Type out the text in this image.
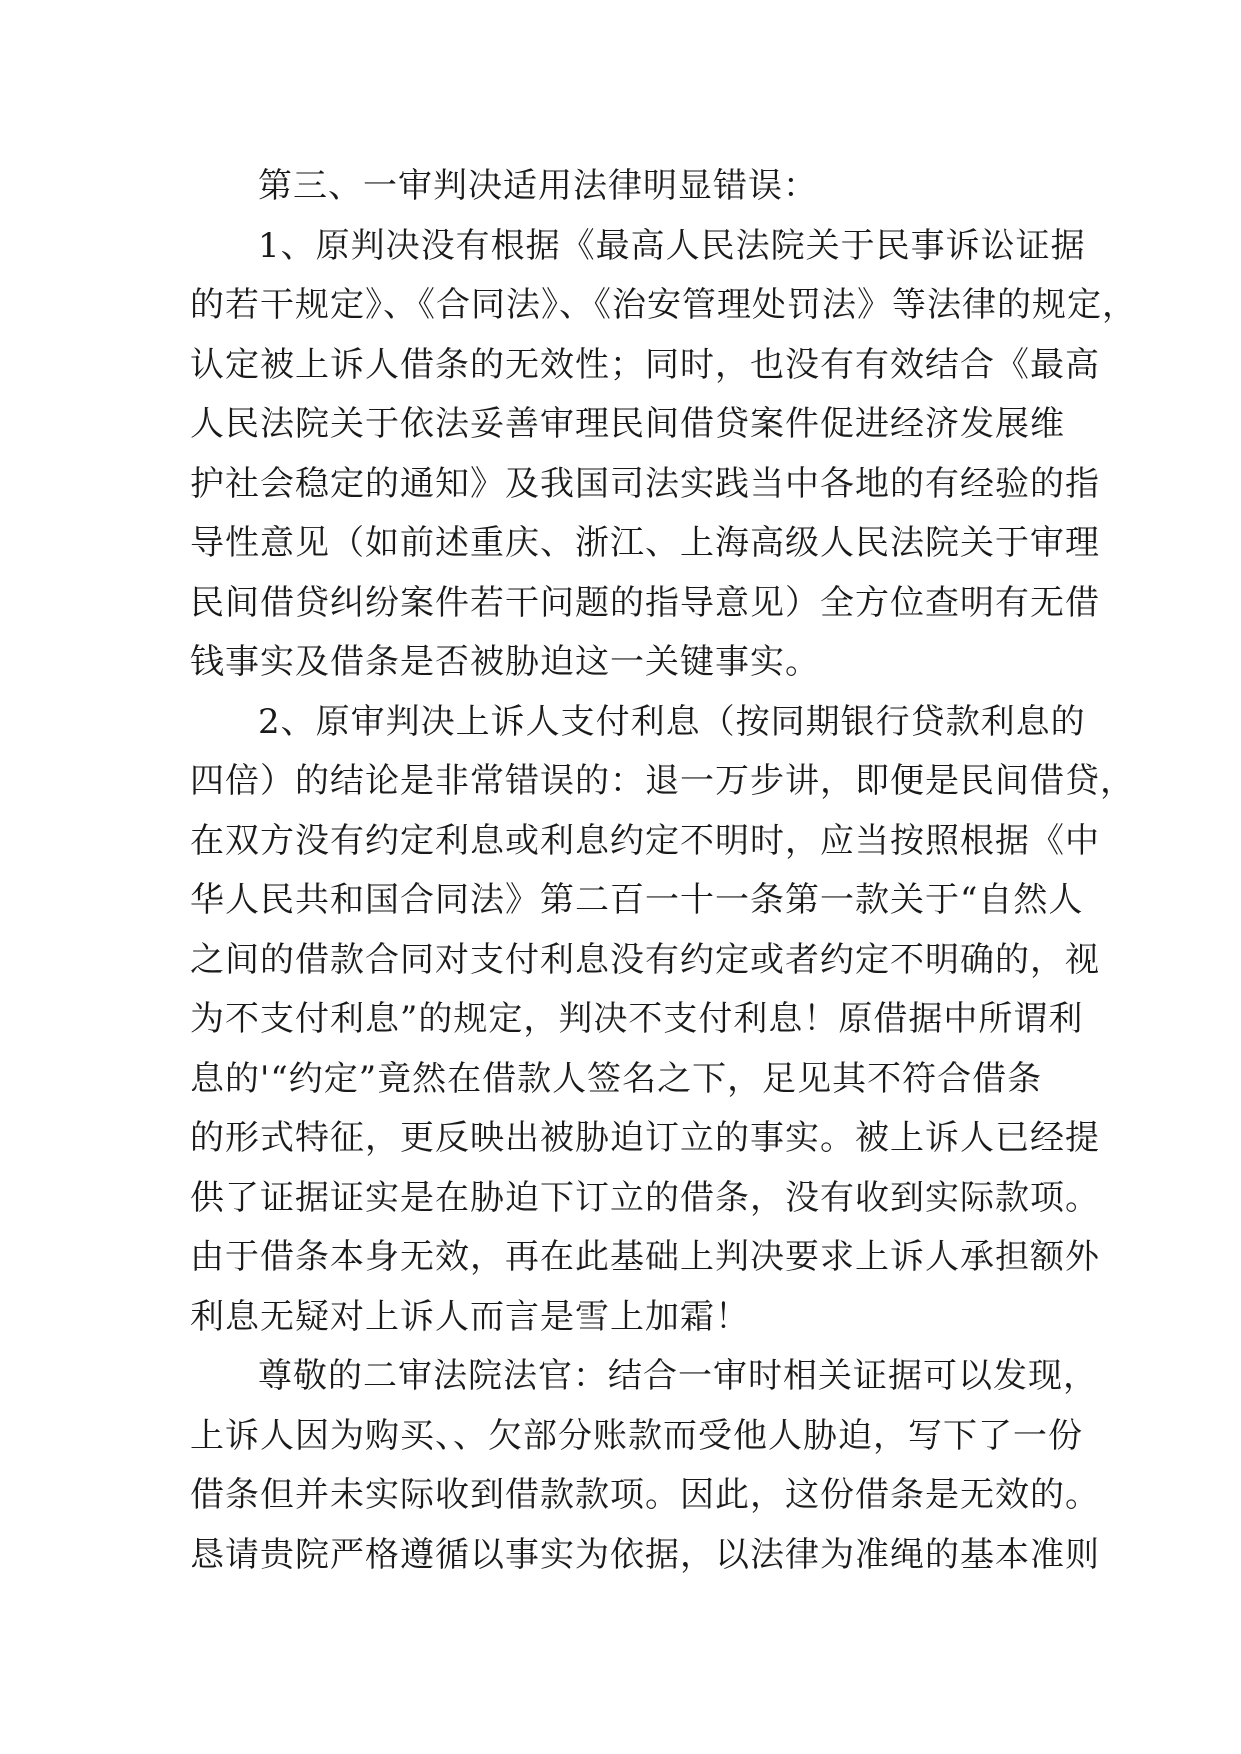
第三、一审判决适用法律明显错误：
1、原判决没有根据《最高人民法院关于民事诉讼证据
的若干规定》、《合同法》、《治安管理处罚法》等法律的规定，
认定被上诉人借条的无效性；同时，也没有有效结合《最高
人民法院关于依法妥善审理民间借贷案件促进经济发展维
护社会稳定的通知》及我国司法实践当中各地的有经验的指
导性意见（如前述重庆、浙江、上海高级人民法院关于审理
民间借贷纠纷案件若干问题的指导意见）全方位查明有无借
钱事实及借条是否被胁迫这一关键事实。
2、原审判决上诉人支付利息（按同期银行贷款利息的
四倍）的结论是非常错误的：退一万步讲，即便是民间借贷，
在双方没有约定利息或利息约定不明时，应当按照根据《中
华人民共和国合同法》第二百一十一条第一款关于“自然人
之间的借款合同对支付利息没有约定或者约定不明确的，视
为不支付利息”的规定，判决不支付利息！原借据中所谓利
息的'“约定”竟然在借款人签名之下，足见其不符合借条
的形式特征，更反映出被胁迫订立的事实。被上诉人已经提
供了证据证实是在胁迫下订立的借条，没有收到实际款项。
由于借条本身无效，再在此基础上判决要求上诉人承担额外
利息无疑对上诉人而言是雪上加霜！
尊敬的二审法院法官：结合一审时相关证据可以发现，
上诉人因为购买、、欠部分账款而受他人胁迫，写下了一份
借条但并未实际收到借款款项。因此，这份借条是无效的。
恳请贵院严格遵循以事实为依据，以法律为准绳的基本准则
